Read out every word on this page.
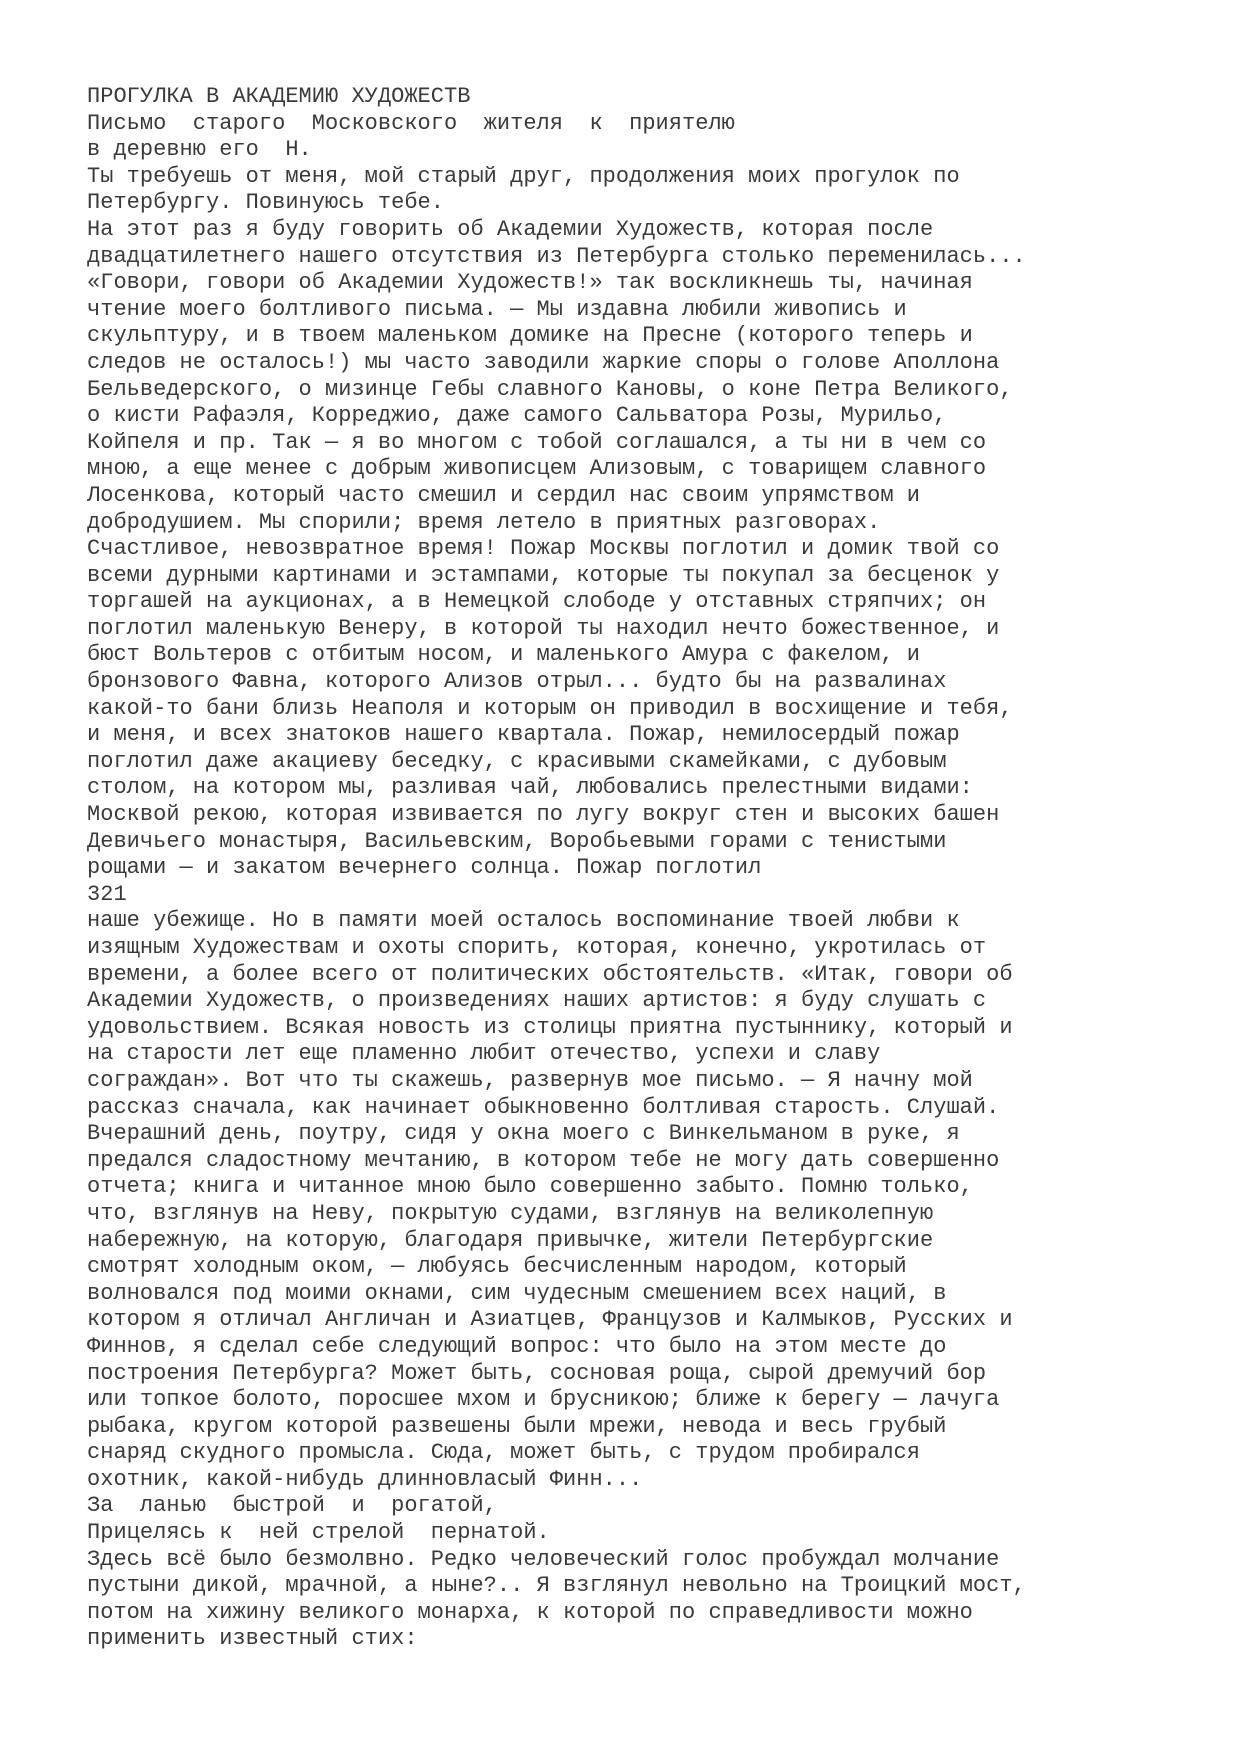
ПРОГУЛКА В АКАДЕМИЮ ХУДОЖЕСТВ
Письмо  старого  Московского  жителя  к  приятелю
в деревню его  Н.
Ты требуешь от меня, мой старый друг, продолжения моих прогулок по
Петербургу. Повинуюсь тебе.
На этот раз я буду говорить об Академии Художеств, которая после
двадцатилетнего нашего отсутствия из Петербурга столько переменилась...
«Говори, говори об Академии Художеств!» так воскликнешь ты, начиная
чтение моего болтливого письма. — Мы издавна любили живопись и
скульптуру, и в твоем маленьком домике на Пресне (которого теперь и
следов не осталось!) мы часто заводили жаркие споры о голове Аполлона
Бельведерского, о мизинце Гебы славного Кановы, о коне Петра Великого,
о кисти Рафаэля, Корреджио, даже самого Сальватора Розы, Мурильо,
Койпеля и пр. Так — я во многом с тобой соглашался, а ты ни в чем со
мною, а еще менее с добрым живописцем Ализовым, с товарищем славного
Лосенкова, который часто смешил и сердил нас своим упрямством и
добродушием. Мы спорили; время летело в приятных разговорах.
Счастливое, невозвратное время! Пожар Москвы поглотил и домик твой со
всеми дурными картинами и эстампами, которые ты покупал за бесценок у
торгашей на аукционах, а в Немецкой слободе у отставных стряпчих; он
поглотил маленькую Венеру, в которой ты находил нечто божественное, и
бюст Вольтеров с отбитым носом, и маленького Амура с факелом, и
бронзового Фавна, которого Ализов отрыл... будто бы на развалинах
какой-то бани близь Неаполя и которым он приводил в восхищение и тебя,
и меня, и всех знатоков нашего квартала. Пожар, немилосердый пожар
поглотил даже акациеву беседку, с красивыми скамейками, с дубовым
столом, на котором мы, разливая чай, любовались прелестными видами:
Москвой рекою, которая извивается по лугу вокруг стен и высоких башен
Девичьего монастыря, Васильевским, Воробьевыми горами с тенистыми
рощами — и закатом вечернего солнца. Пожар поглотил
321
наше убежище. Но в памяти моей осталось воспоминание твоей любви к
изящным Художествам и охоты спорить, которая, конечно, укротилась от
времени, а более всего от политических обстоятельств. «Итак, говори об
Академии Художеств, о произведениях наших артистов: я буду слушать с
удовольствием. Всякая новость из столицы приятна пустыннику, который и
на старости лет еще пламенно любит отечество, успехи и славу
сограждан». Вот что ты скажешь, развернув мое письмо. — Я начну мой
рассказ сначала, как начинает обыкновенно болтливая старость. Слушай.
Вчерашний день, поутру, сидя у окна моего с Винкельманом в руке, я
предался сладостному мечтанию, в котором тебе не могу дать совершенно
отчета; книга и читанное мною было совершенно забыто. Помню только,
что, взглянув на Неву, покрытую судами, взглянув на великолепную
набережную, на которую, благодаря привычке, жители Петербургские
смотрят холодным оком, — любуясь бесчисленным народом, который
волновался под моими окнами, сим чудесным смешением всех наций, в
котором я отличал Англичан и Азиатцев, Французов и Калмыков, Русских и
Финнов, я сделал себе следующий вопрос: что было на этом месте до
построения Петербурга? Может быть, сосновая роща, сырой дремучий бор
или топкое болото, поросшее мхом и брусникою; ближе к берегу — лачуга
рыбака, кругом которой развешены были мрежи, невода и весь грубый
снаряд скудного промысла. Сюда, может быть, с трудом пробирался
охотник, какой-нибудь длинновласый Финн...
За  ланью  быстрой  и  рогатой,
Прицелясь к  ней стрелой  пернатой.
Здесь всё было безмолвно. Редко человеческий голос пробуждал молчание
пустыни дикой, мрачной, а ныне?.. Я взглянул невольно на Троицкий мост,
потом на хижину великого монарха, к которой по справедливости можно
применить известный стих:
